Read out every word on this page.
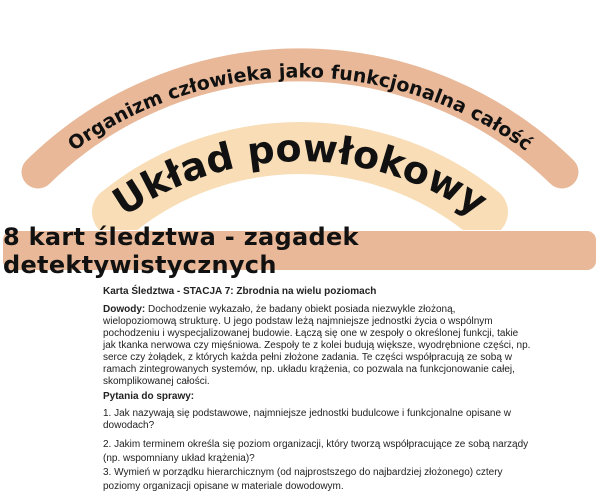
Organizm człowieka jako funkcjonalna całość
Układ powłokowy
8 kart śledztwa - zagadek detektywistycznych

Karta Śledztwa - STACJA 7: Zbrodnia na wielu poziomach

Dowody: Dochodzenie wykazało, że badany obiekt posiada niezwykle złożoną, wielopoziomową strukturę. U jego podstaw leżą najmniejsze jednostki życia o wspólnym pochodzeniu i wyspecjalizowanej budowie. Łączą się one w zespoły o określonej funkcji, takie jak tkanka nerwowa czy mięśniowa. Zespoły te z kolei budują większe, wyodrębnione części, np. serce czy żołądek, z których każda pełni złożone zadania. Te części współpracują ze sobą w ramach zintegrowanych systemów, np. układu krążenia, co pozwala na funkcjonowanie całej, skomplikowanej całości.

Pytania do sprawy:

1. Jak nazywają się podstawowe, najmniejsze jednostki budulcowe i funkcjonalne opisane w dowodach?

2. Jakim terminem określa się poziom organizacji, który tworzą współpracujące ze sobą narządy (np. wspomniany układ krążenia)?

3. Wymień w porządku hierarchicznym (od najprostszego do najbardziej złożonego) cztery poziomy organizacji opisane w materiale dowodowym.
